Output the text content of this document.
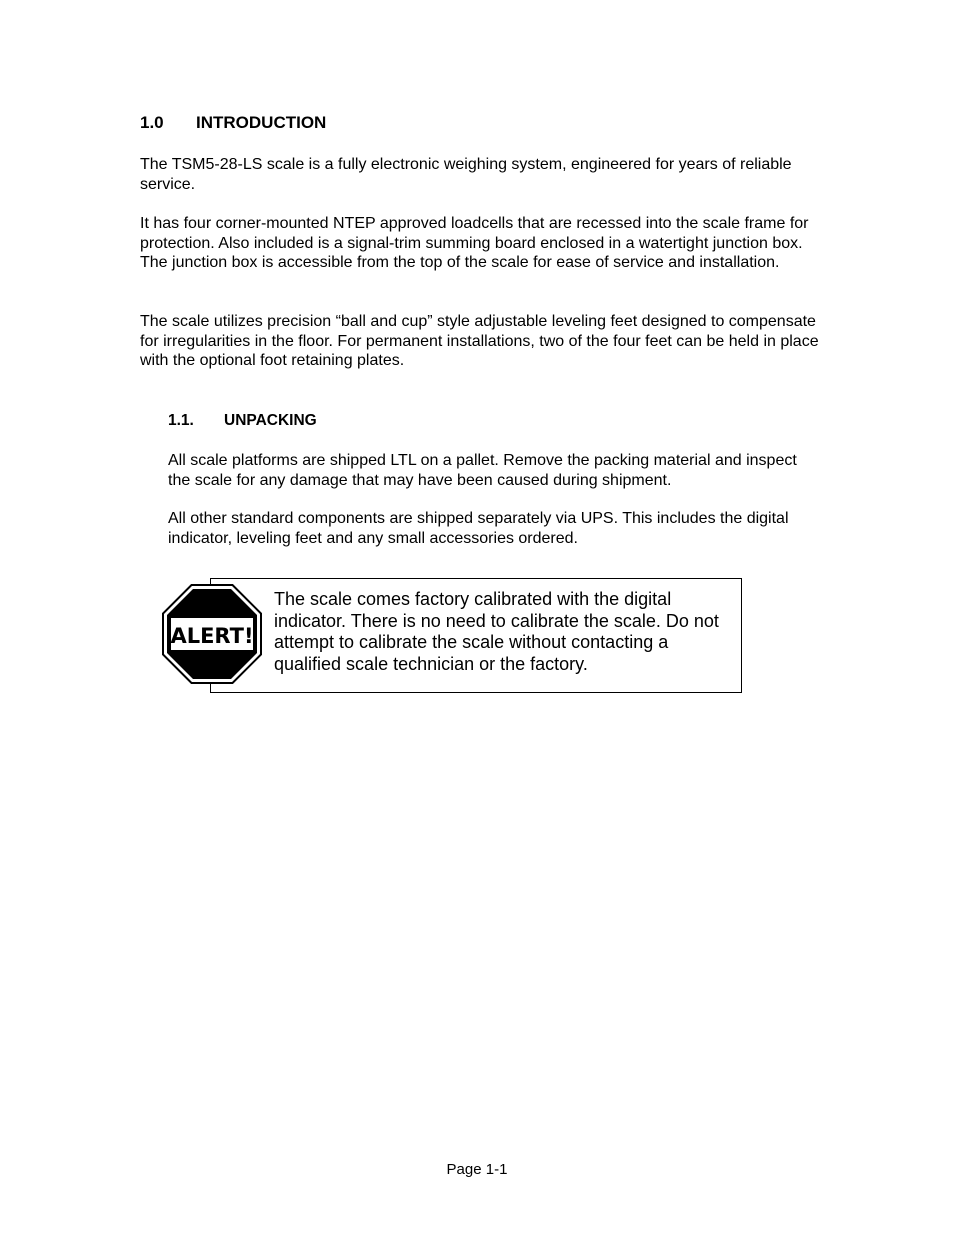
1.0 INTRODUCTION

The TSM5-28-LS scale is a fully electronic weighing system, engineered for years of reliable service.

It has four corner-mounted NTEP approved loadcells that are recessed into the scale frame for protection. Also included is a signal-trim summing board enclosed in a watertight junction box. The junction box is accessible from the top of the scale for ease of service and installation.

The scale utilizes precision “ball and cup” style adjustable leveling feet designed to compensate for irregularities in the floor. For permanent installations, two of the four feet can be held in place with the optional foot retaining plates.

1.1. UNPACKING

All scale platforms are shipped LTL on a pallet. Remove the packing material and inspect the scale for any damage that may have been caused during shipment.

All other standard components are shipped separately via UPS. This includes the digital indicator, leveling feet and any small accessories ordered.

ALERT!

The scale comes factory calibrated with the digital indicator. There is no need to calibrate the scale. Do not attempt to calibrate the scale without contacting a qualified scale technician or the factory.

Page 1-1
